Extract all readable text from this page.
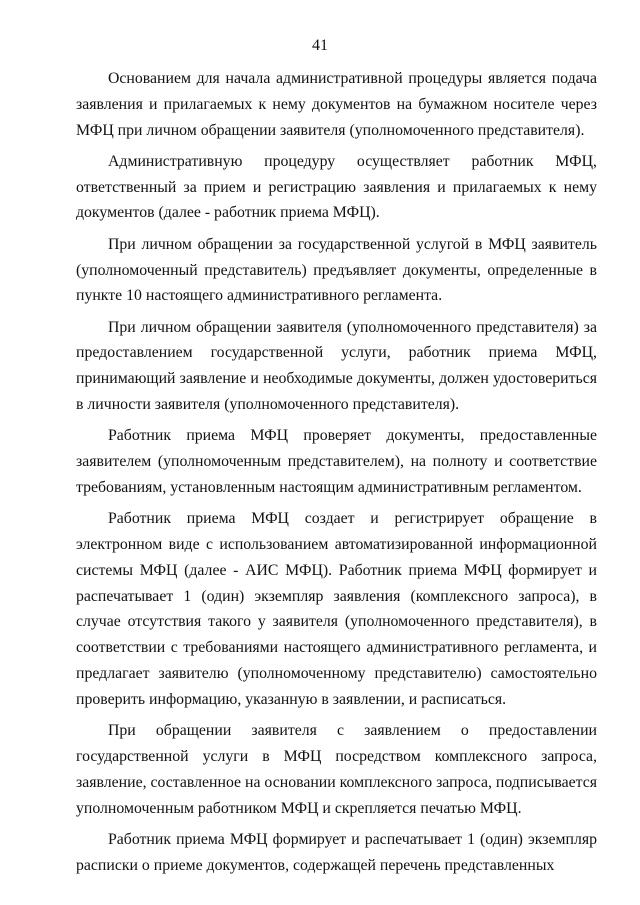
41

Основанием для начала административной процедуры является подача заявления и прилагаемых к нему документов на бумажном носителе через МФЦ при личном обращении заявителя (уполномоченного представителя).

Административную процедуру осуществляет работник МФЦ, ответственный за прием и регистрацию заявления и прилагаемых к нему документов (далее - работник приема МФЦ).

При личном обращении за государственной услугой в МФЦ заявитель (уполномоченный представитель) предъявляет документы, определенные в пункте 10 настоящего административного регламента.

При личном обращении заявителя (уполномоченного представителя) за предоставлением государственной услуги, работник приема МФЦ, принимающий заявление и необходимые документы, должен удостовериться в личности заявителя (уполномоченного представителя).

Работник приема МФЦ проверяет документы, предоставленные заявителем (уполномоченным представителем), на полноту и соответствие требованиям, установленным настоящим административным регламентом.

Работник приема МФЦ создает и регистрирует обращение в электронном виде с использованием автоматизированной информационной системы МФЦ (далее - АИС МФЦ). Работник приема МФЦ формирует и распечатывает 1 (один) экземпляр заявления (комплексного запроса), в случае отсутствия такого у заявителя (уполномоченного представителя), в соответствии с требованиями настоящего административного регламента, и предлагает заявителю (уполномоченному представителю) самостоятельно проверить информацию, указанную в заявлении, и расписаться.

При обращении заявителя с заявлением о предоставлении государственной услуги в МФЦ посредством комплексного запроса, заявление, составленное на основании комплексного запроса, подписывается уполномоченным работником МФЦ и скрепляется печатью МФЦ.

Работник приема МФЦ формирует и распечатывает 1 (один) экземпляр расписки о приеме документов, содержащей перечень представленных
